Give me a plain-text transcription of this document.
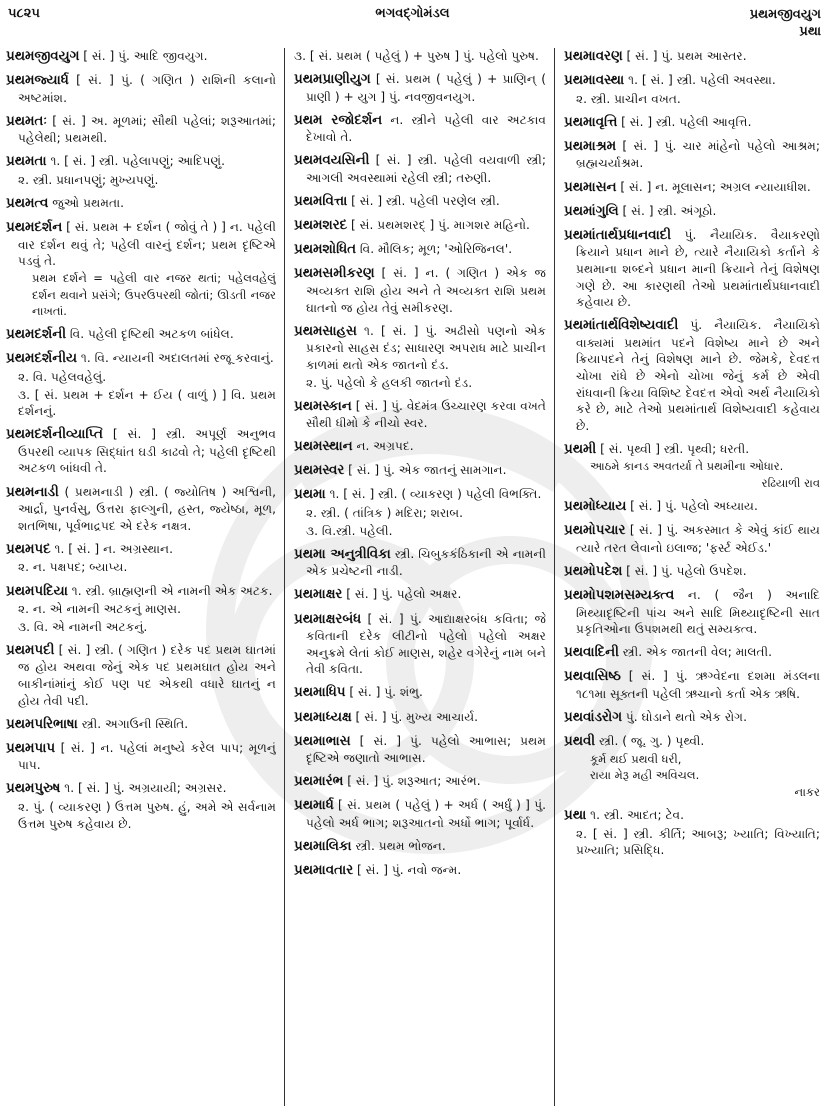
૫૮૨૫	ભગવદ્ગોમંડલ	પ્રથમજીવયુગ
પ્રથા
પ્રથમજીવયુગ [ સં. ] પું. આદિ જીવયુગ.
પ્રથમજ્યાર્ધ [ સં. ] પું. ( ગણિત ) રાશિની કલાનો અષ્ટમાંશ.
પ્રથમતઃ [ સં. ] અ. મૂળમાં; સૌથી પહેલાં; શરૂઆતમાં; પહેલેથી; પ્રથમથી.
પ્રથમતા ૧. [ સં. ] સ્ત્રી. પહેલાપણું; આદિપણું.
૨. સ્ત્રી. પ્રધાનપણું; મુખ્યપણું.
પ્રથમત્વ જુઓ પ્રથમતા.
પ્રથમદર્શન [ સં. પ્રથમ + દર્શન ( જોવું તે ) ] ન. પહેલી વાર દર્શન થવું તે; પહેલી વારનું દર્શન; પ્રથમ દૃષ્ટિએ પડવું તે.
પ્રથમ દર્શને = પહેલી વાર નજર થતાં; પહેલવહેલું દર્શન થવાને પ્રસંગે; ઉપરઉપરથી જોતાં; ઊડતી નજર નાખતાં.
પ્રથમદર્શની વિ. પહેલી દૃષ્ટિથી અટકળ બાંધેલ.
પ્રથમદર્શનીય ૧. વિ. ન્યાયની અદાલતમાં રજૂ કરવાનું.
૨. વિ. પહેલવહેલું.
૩. [ સં. પ્રથમ + દર્શન + ઈય ( વાળું ) ] વિ. પ્રથમ દર્શનનું.
પ્રથમદર્શનીવ્યાપ્તિ [ સં. ] સ્ત્રી. અપૂર્ણ અનુભવ ઉપરથી વ્યાપક સિદ્ધાંત ઘડી કાઢવો તે; પહેલી દૃષ્ટિથી અટકળ બાંધવી તે.
પ્રથમનાડી ( પ્રથમનાડી ) સ્ત્રી. ( જ્યોતિષ ) અશ્વિની, આર્દ્રા, પુનર્વસુ, ઉત્તરા ફાલ્ગુની, હસ્ત, જ્યેષ્ઠા, મૂળ, શતભિષા, પૂર્વભાદ્રપદ એ દરેક નક્ષત્ર.
પ્રથમપદ ૧. [ સં. ] ન. અગ્રસ્થાન.
૨. ન. પક્ષપદ; બ્યાપ્ય.
પ્રથમપદિયા ૧. સ્ત્રી. બ્રાહ્મણની એ નામની એક અટક.
૨. ન. એ નામની અટકનું માણસ.
૩. વિ. એ નામની અટકનું.
પ્રથમપદી [ સં. ] સ્ત્રી. ( ગણિત ) દરેક પદ પ્રથમ ઘાતમાં જ હોય અથવા જેનું એક પદ પ્રથમઘાત હોય અને બાકીનાંમાંનું કોઈ પણ પદ એકથી વધારે ઘાતનું ન હોય તેવી પદી.
પ્રથમપરિભાષા સ્ત્રી. અગાઉની સ્થિતિ.
પ્રથમપાપ [ સં. ] ન. પહેલાં મનુષ્યે કરેલ પાપ; મૂળનું પાપ.
પ્રથમપુરુષ ૧. [ સં. ] પું. અગ્રયાયી; અગ્રસર.
૨. પું. ( વ્યાકરણ ) ઉત્તમ પુરુષ. હું, અમે એ સર્વનામ ઉત્તમ પુરુષ કહેવાય છે.
૩. [ સં. પ્રથમ ( પહેલું ) + પુરુષ ] પું. પહેલો પુરુષ.
પ્રથમપ્રાણીયુગ [ સં. પ્રથમ ( પહેલું ) + પ્રાણિન્ ( પ્રાણી ) + યુગ ] પું. નવજીવનયુગ.
પ્રથમ રજોદર્શન ન. સ્ત્રીને પહેલી વાર અટકાવ દેખાવો તે.
પ્રથમવયસિની [ સં. ] સ્ત્રી. પહેલી વયવાળી સ્ત્રી; આગલી અવસ્થામાં રહેલી સ્ત્રી; તરુણી.
પ્રથમવિત્તા [ સં. ] સ્ત્રી. પહેલી પરણેલ સ્ત્રી.
પ્રથમશરદ [ સં. પ્રથમશરદ્ ] પું. માગશર મહિનો.
પ્રથમશોધિત વિ. મૌલિક; મૂળ; 'ઓરિજિનલ'.
પ્રથમસમીકરણ [ સં. ] ન. ( ગણિત ) એક જ અવ્યક્ત રાશિ હોય અને તે અવ્યક્ત રાશિ પ્રથમ ઘાતનો જ હોય તેવું સમીકરણ.
પ્રથમસાહસ ૧. [ સં. ] પું. અઢીસો પણનો એક પ્રકારનો સાહસ દંડ; સાધારણ અપરાધ માટે પ્રાચીન કાળમાં થતો એક જાતનો દંડ.
૨. પું. પહેલો કે હલકી જાતનો દંડ.
પ્રથમસ્કાન [ સં. ] પું. વેદમંત્ર ઉચ્ચારણ કરવા વખતે સૌથી ધીમો કે નીચો સ્વર.
પ્રથમસ્થાન ન. અગ્રપદ.
પ્રથમસ્વર [ સં. ] પું. એક જાતનું સામગાન.
પ્રથમા ૧. [ સં. ] સ્ત્રી. ( વ્યાકરણ ) પહેલી વિભક્તિ.
૨. સ્ત્રી. ( તાંત્રિક ) મદિરા; શરાબ.
૩. વિ.સ્ત્રી. પહેલી.
પ્રથમા અનુત્રીવિકા સ્ત્રી. ચિબુકકંઠિકાની એ નામની એક પ્રચેષ્ટની નાડી.
પ્રથમાક્ષર [ સં. ] પું. પહેલો અક્ષર.
પ્રથમાક્ષરબંધ [ સં. ] પું. આદ્યાક્ષરબંધ કવિતા; જે કવિતાની દરેક લીટીનો પહેલો પહેલો અક્ષર અનુક્રમે લેતાં કોઈ માણસ, શહેર વગેરેનું નામ બને તેવી કવિતા.
પ્રથમાધિપ [ સં. ] પું. શંભુ.
પ્રથમાધ્યક્ષ [ સં. ] પું. મુખ્ય આચાર્ય.
પ્રથમાભાસ [ સં. ] પું. પહેલો આભાસ; પ્રથમ દૃષ્ટિએ જણાતો આભાસ.
પ્રથમારંભ [ સં. ] પું. શરૂઆત; આરંભ.
પ્રથમાર્ધ [ સં. પ્રથમ ( પહેલું ) + અર્ધ ( અર્ધું ) ] પું. પહેલો અર્ધ ભાગ; શરૂઆતનો અર્ધો ભાગ; પૂર્વાર્ધ.
પ્રથમાલિકા સ્ત્રી. પ્રથમ ભોજન.
પ્રથમાવતાર [ સં. ] પું. નવો જન્મ.
પ્રથમાવરણ [ સં. ] પું. પ્રથમ આસ્તર.
પ્રથમાવસ્થા ૧. [ સં. ] સ્ત્રી. પહેલી અવસ્થા.
૨. સ્ત્રી. પ્રાચીન વખત.
પ્રથમાવૃત્તિ [ સં. ] સ્ત્રી. પહેલી આવૃત્તિ.
પ્રથમાશ્રમ [ સં. ] પું. ચાર માંહેનો પહેલો આશ્રમ; બ્રહ્મચર્યાશ્રમ.
પ્રથમાસન [ સં. ] ન. મૂલાસન; અગ્રલ ન્યાયાધીશ.
પ્રથમાંગુલિ [ સં. ] સ્ત્રી. અંગૂઠો.
પ્રથમાંતાર્થપ્રધાનવાદી પું. નૈયાયિક. વૈયાકરણો ક્રિયાને પ્રધાન માને છે, ત્યારે નૈયાયિકો કર્તાને કે પ્રથમાના શબ્દને પ્રધાન માની ક્રિયાને તેનું વિશેષણ ગણે છે. આ કારણથી તેઓ પ્રથમાંતાર્થપ્રધાનવાદી કહેવાય છે.
પ્રથમાંતાર્થવિશેષ્યવાદી પું. નૈયાયિક. નૈયાયિકો વાક્યમાં પ્રથમાંત પદને વિશેષ્ય માને છે અને ક્રિયાપદને તેનું વિશેષણ માને છે. જેમકે, દેવદત્ત ચોખા રાંધે છે એનો ચોખા જેનું કર્મ છે એવી રાંધવાની ક્રિયા વિશિષ્ટ દેવદત્ત એવો અર્થ નૈયાયિકો કરે છે, માટે તેઓ પ્રથમાંતાર્થ વિશેષ્યવાદી કહેવાય છે.
પ્રથમી [ સં. પૃથ્વી ] સ્ત્રી. પૃથ્વી; ધરતી.
આઠમે કાનડ અવતર્યા તે પ્રથમીના ઓધાર.
રઢિયાળી રાવ
પ્રથમોધ્યાય [ સં. ] પું. પહેલો અધ્યાય.
પ્રથમોપચાર [ સં. ] પું. અકસ્માત કે એવું કાંઈ થાય ત્યારે તરત લેવાનો ઇલાજ; 'ફર્સ્ટ એઈડ.'
પ્રથમોપદેશ [ સં. ] પું. પહેલો ઉપદેશ.
પ્રથમોપશમસમ્યક્ત્વ ન. ( જૈન ) અનાદિ મિથ્યાદૃષ્ટિની પાંચ અને સાદિ મિથ્યાદૃષ્ટિની સાત પ્રકૃતિઓના ઉપશમથી થતું સમ્યક્ત્વ.
પ્રથવાદિની સ્ત્રી. એક જાતની વેલ; માલતી.
પ્રથવાસિષ્ઠ [ સં. ] પું. ઋગ્વેદના દશમા મંડલના ૧૮૧મા સૂક્તની પહેલી ઋચાનો કર્તા એક ઋષિ.
પ્રથવાંડરોગ પું. ઘોડાને થતો એક રોગ.
પ્રથવી સ્ત્રી. ( જૂ. ગુ. ) પૃથ્વી.
કૂર્મ થઈ પ્રથવી ધરી,
રાયા મેરૂ મહી અવિચલ.
નાકર
પ્રથા ૧. સ્ત્રી. આદત; ટેવ.
૨. [ સં. ] સ્ત્રી. કીર્તિ; આબરૂ; ખ્યાતિ; વિખ્યાતિ; પ્રખ્યાતિ; પ્રસિદ્ધિ.
